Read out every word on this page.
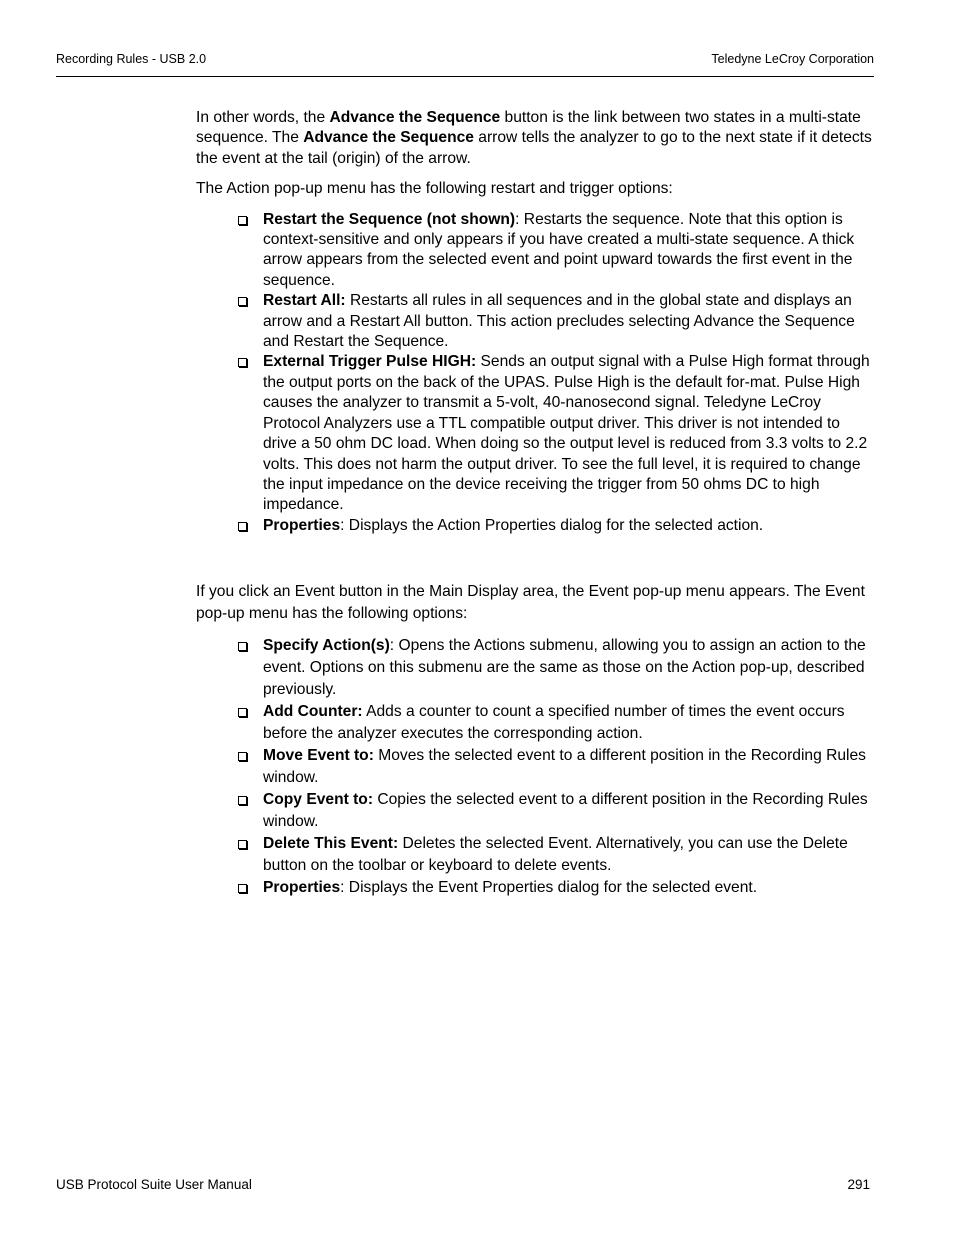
Recording Rules - USB 2.0	Teledyne LeCroy Corporation

In other words, the Advance the Sequence button is the link between two states in a multi-state sequence. The Advance the Sequence arrow tells the analyzer to go to the next state if it detects the event at the tail (origin) of the arrow.

The Action pop-up menu has the following restart and trigger options:

Restart the Sequence (not shown): Restarts the sequence. Note that this option is context-sensitive and only appears if you have created a multi-state sequence. A thick arrow appears from the selected event and point upward towards the first event in the sequence.
Restart All: Restarts all rules in all sequences and in the global state and displays an arrow and a Restart All button. This action precludes selecting Advance the Sequence and Restart the Sequence.
External Trigger Pulse HIGH: Sends an output signal with a Pulse High format through the output ports on the back of the UPAS. Pulse High is the default for-mat. Pulse High causes the analyzer to transmit a 5-volt, 40-nanosecond signal. Teledyne LeCroy Protocol Analyzers use a TTL compatible output driver. This driver is not intended to drive a 50 ohm DC load. When doing so the output level is reduced from 3.3 volts to 2.2 volts. This does not harm the output driver. To see the full level, it is required to change the input impedance on the device receiving the trigger from 50 ohms DC to high impedance.
Properties: Displays the Action Properties dialog for the selected action.

If you click an Event button in the Main Display area, the Event pop-up menu appears. The Event pop-up menu has the following options:

Specify Action(s): Opens the Actions submenu, allowing you to assign an action to the event. Options on this submenu are the same as those on the Action pop-up, described previously.
Add Counter: Adds a counter to count a specified number of times the event occurs before the analyzer executes the corresponding action.
Move Event to: Moves the selected event to a different position in the Recording Rules window.
Copy Event to: Copies the selected event to a different position in the Recording Rules window.
Delete This Event: Deletes the selected Event. Alternatively, you can use the Delete button on the toolbar or keyboard to delete events.
Properties: Displays the Event Properties dialog for the selected event.
USB Protocol Suite User Manual	291
